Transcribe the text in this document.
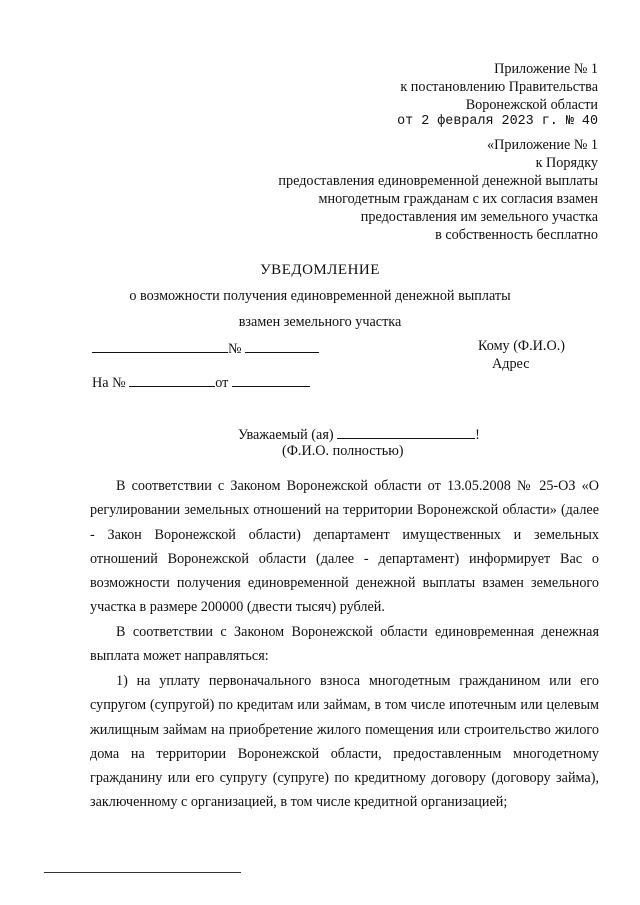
Приложение № 1
к постановлению Правительства
Воронежской области
от 2 февраля 2023 г. № 40
«Приложение № 1
к Порядку
предоставления единовременной денежной выплаты
многодетным гражданам с их согласия взамен
предоставления им земельного участка
в собственность бесплатно
УВЕДОМЛЕНИЕ
о возможности получения единовременной денежной выплаты
взамен земельного участка
№	Кому (Ф.И.О.)
Адрес
На №	от
Уважаемый (ая)	!
(Ф.И.О. полностью)
В соответствии с Законом Воронежской области от 13.05.2008 № 25-ОЗ «О регулировании земельных отношений на территории Воронежской области» (далее - Закон Воронежской области) департамент имущественных и земельных отношений Воронежской области (далее - департамент) информирует Вас о возможности получения единовременной денежной выплаты взамен земельного участка в размере 200000 (двести тысяч) рублей.
В соответствии с Законом Воронежской области единовременная денежная выплата может направляться:
1) на уплату первоначального взноса многодетным гражданином или его супругом (супругой) по кредитам или займам, в том числе ипотечным или целевым жилищным займам на приобретение жилого помещения или строительство жилого дома на территории Воронежской области, предоставленным многодетному гражданину или его супругу (супруге) по кредитному договору (договору займа), заключенному с организацией, в том числе кредитной организацией;
